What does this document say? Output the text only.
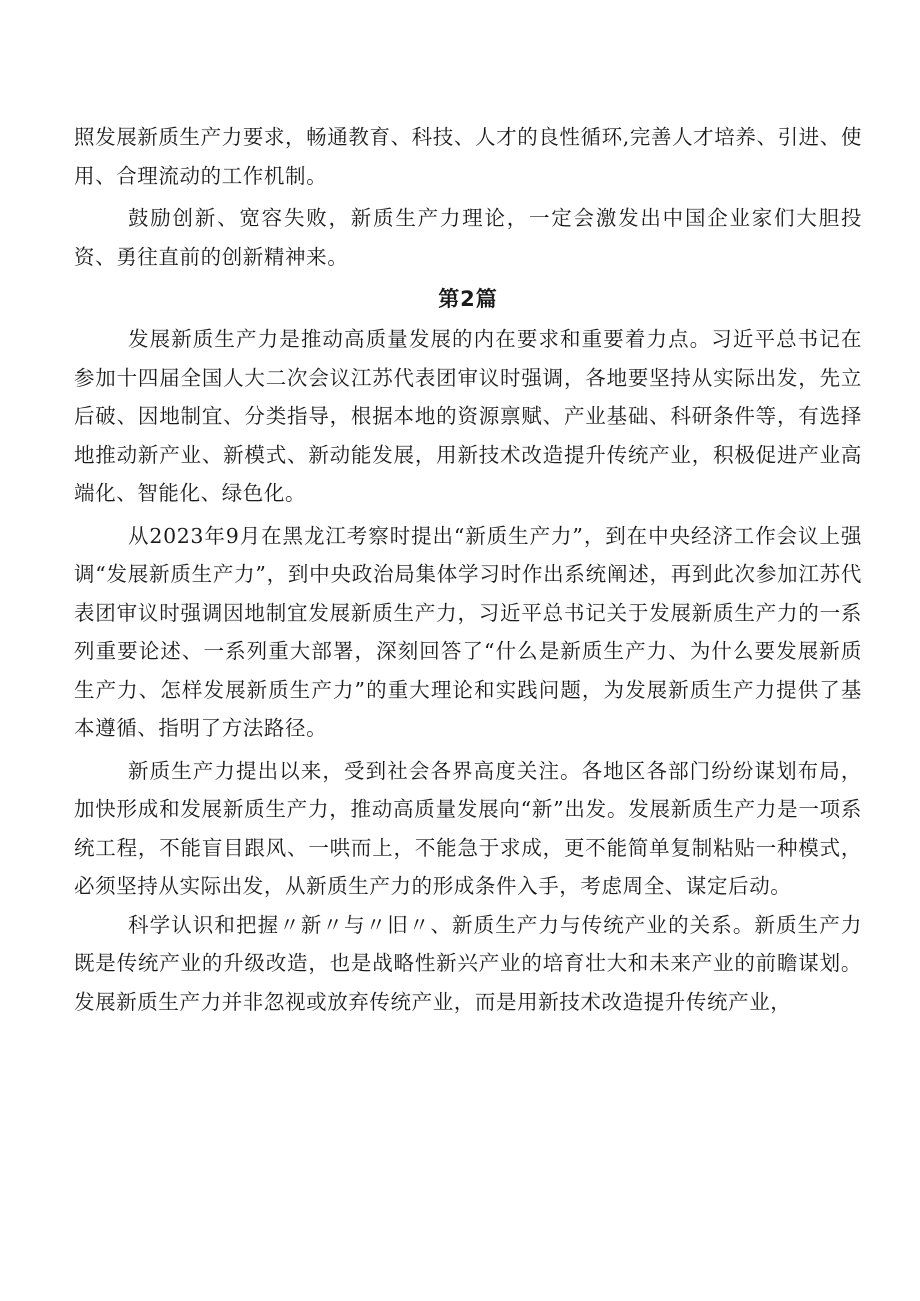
照发展新质生产力要求，畅通教育、科技、人才的良性循环,完善人才培养、引进、使用、合理流动的工作机制。

鼓励创新、宽容失败，新质生产力理论，一定会激发出中国企业家们大胆投资、勇往直前的创新精神来。

第2篇

发展新质生产力是推动高质量发展的内在要求和重要着力点。习近平总书记在参加十四届全国人大二次会议江苏代表团审议时强调，各地要坚持从实际出发，先立后破、因地制宜、分类指导，根据本地的资源禀赋、产业基础、科研条件等，有选择地推动新产业、新模式、新动能发展，用新技术改造提升传统产业，积极促进产业高端化、智能化、绿色化。

从2023年9月在黑龙江考察时提出“新质生产力”，到在中央经济工作会议上强调“发展新质生产力”，到中央政治局集体学习时作出系统阐述，再到此次参加江苏代表团审议时强调因地制宜发展新质生产力，习近平总书记关于发展新质生产力的一系列重要论述、一系列重大部署，深刻回答了“什么是新质生产力、为什么要发展新质生产力、怎样发展新质生产力”的重大理论和实践问题，为发展新质生产力提供了基本遵循、指明了方法路径。

新质生产力提出以来，受到社会各界高度关注。各地区各部门纷纷谋划布局，加快形成和发展新质生产力，推动高质量发展向“新”出发。发展新质生产力是一项系统工程，不能盲目跟风、一哄而上，不能急于求成，更不能简单复制粘贴一种模式，必须坚持从实际出发，从新质生产力的形成条件入手，考虑周全、谋定后动。

科学认识和把握〃新〃与〃旧〃、新质生产力与传统产业的关系。新质生产力既是传统产业的升级改造，也是战略性新兴产业的培育壮大和未来产业的前瞻谋划。发展新质生产力并非忽视或放弃传统产业，而是用新技术改造提升传统产业，
